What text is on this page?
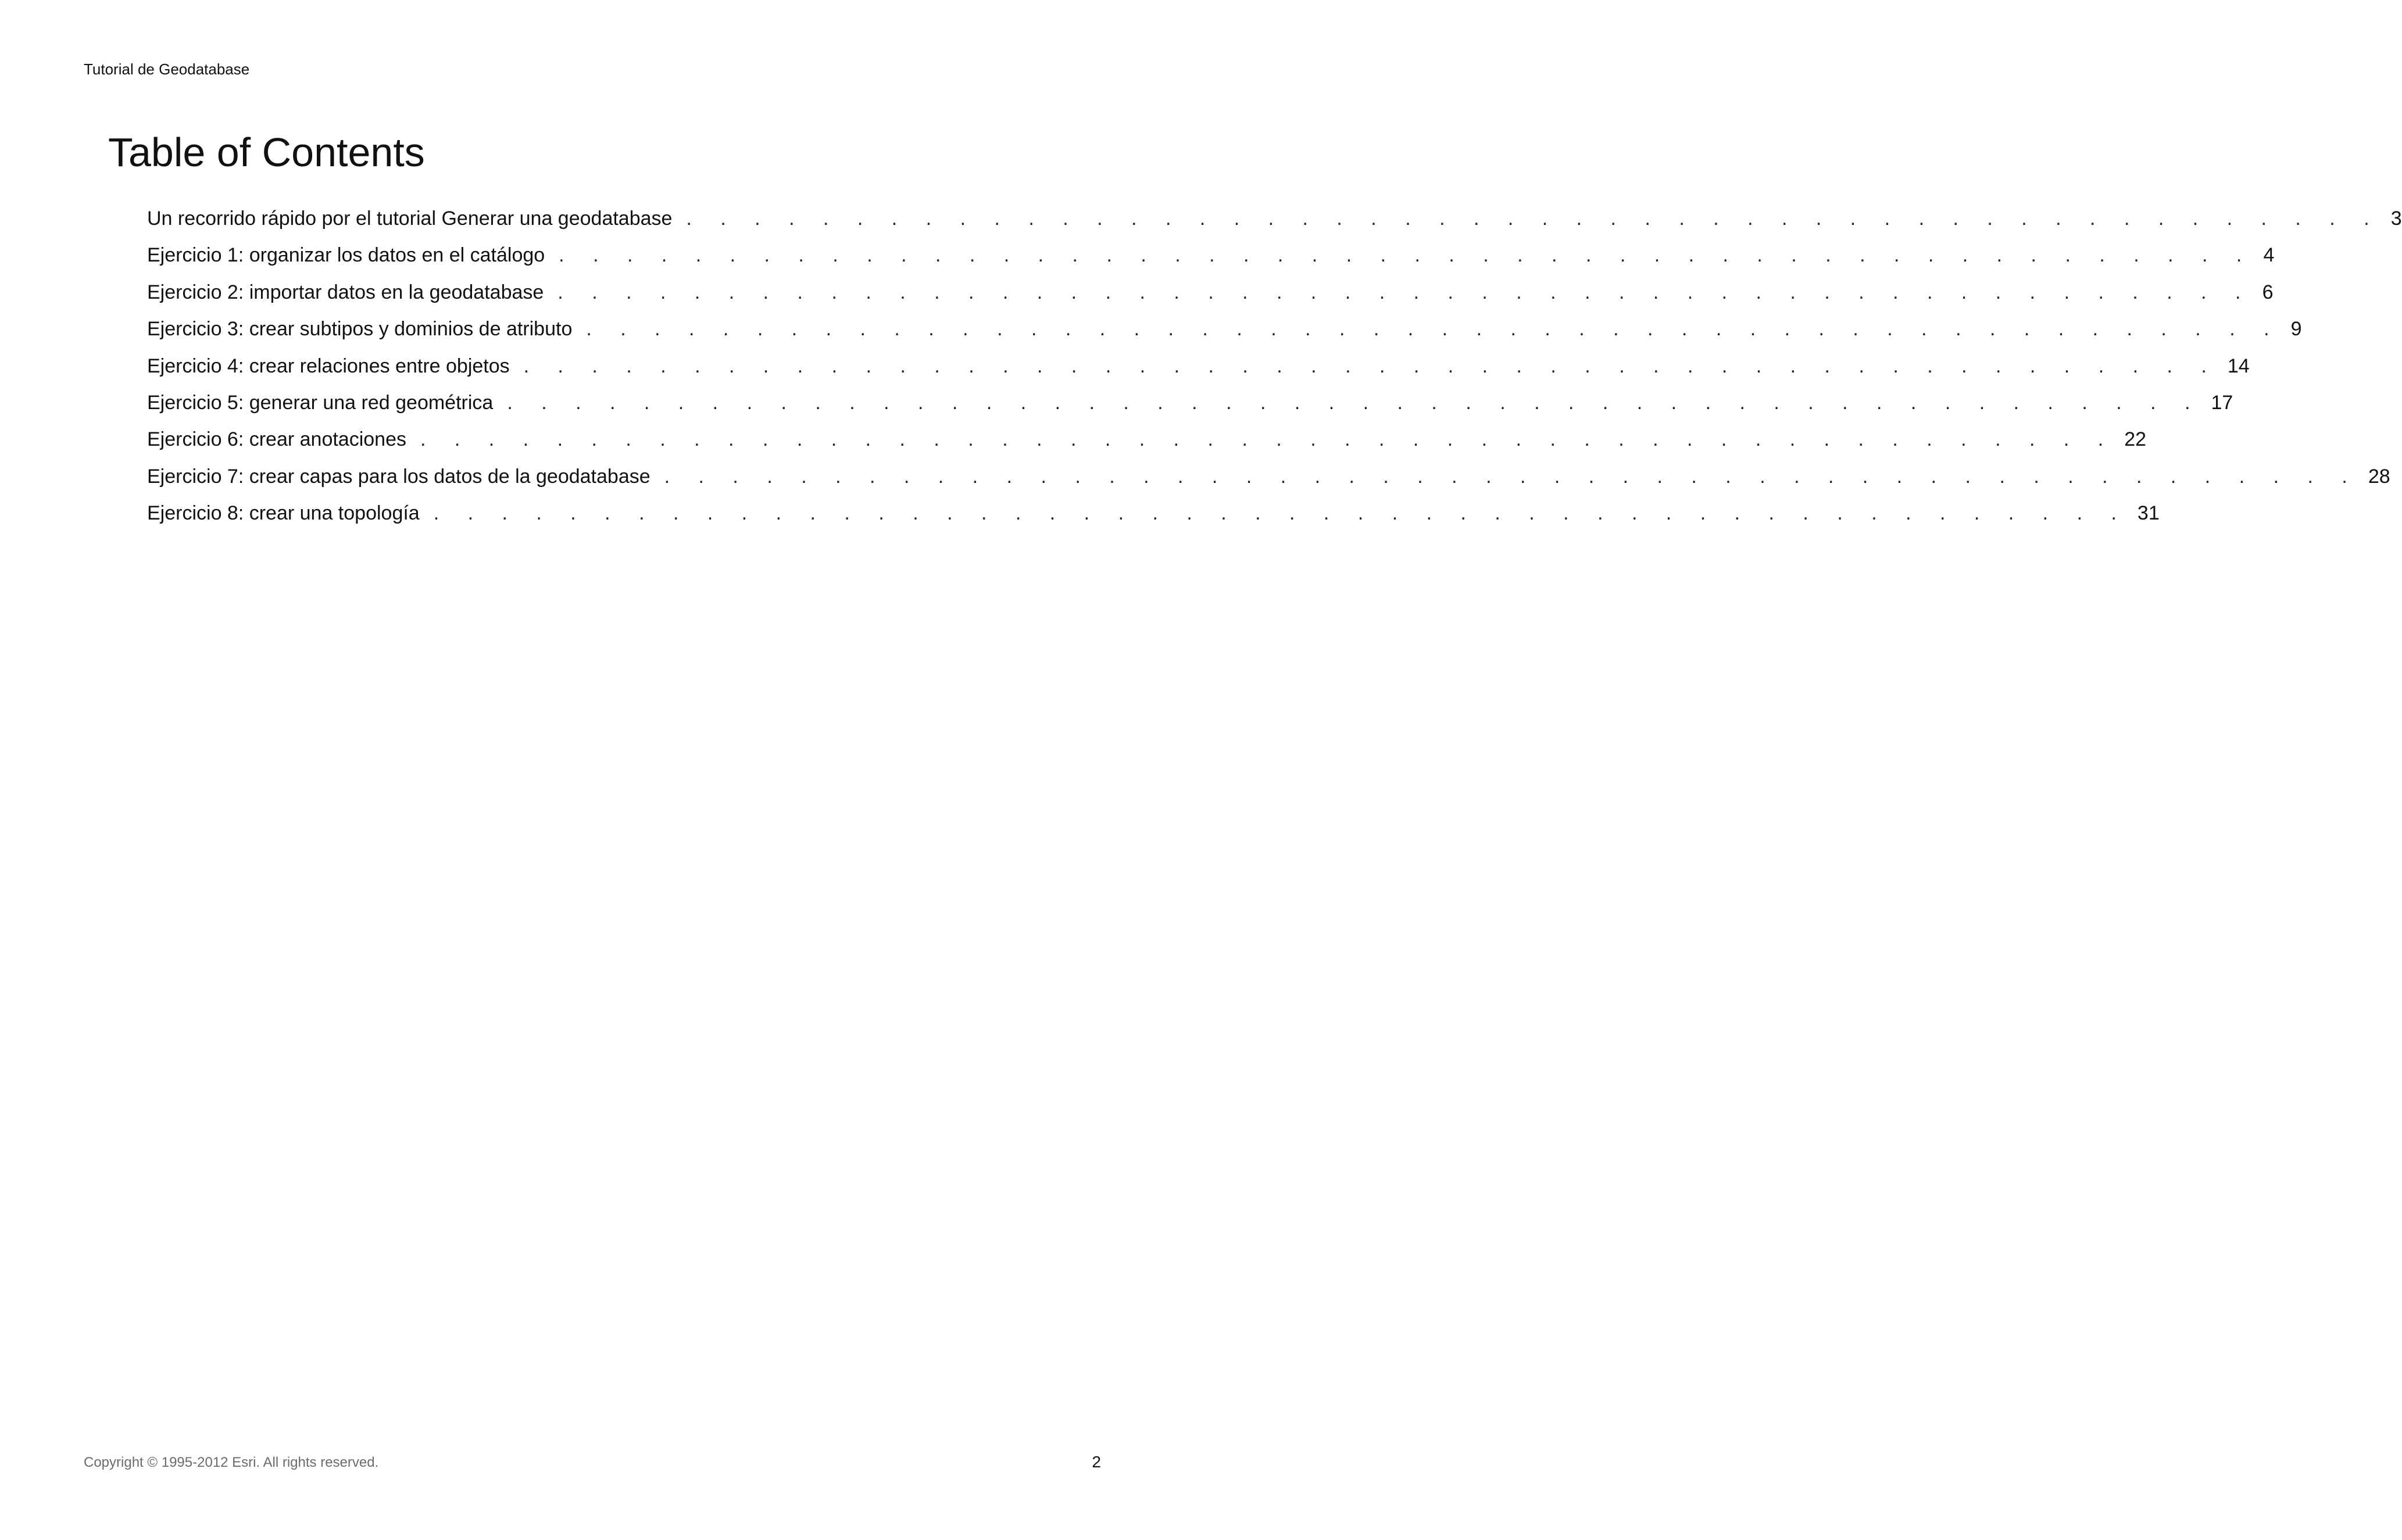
Tutorial de Geodatabase
Table of Contents
Un recorrido rápido por el tutorial Generar una geodatabase . . . . . . . . . . . . . . . . . . . . . . . . . . . . . . . . . . . . . . . . . . . . . . . . . . 3
Ejercicio 1: organizar los datos en el catálogo . . . . . . . . . . . . . . . . . . . . . . . . . . . . . . . . . . . . . . . . . . . . . . . . . . 4
Ejercicio 2: importar datos en la geodatabase . . . . . . . . . . . . . . . . . . . . . . . . . . . . . . . . . . . . . . . . . . . . . . . . . . 6
Ejercicio 3: crear subtipos y dominios de atributo . . . . . . . . . . . . . . . . . . . . . . . . . . . . . . . . . . . . . . . . . . . . . . . . . . 9
Ejercicio 4: crear relaciones entre objetos . . . . . . . . . . . . . . . . . . . . . . . . . . . . . . . . . . . . . . . . . . . . . . . . . . 14
Ejercicio 5: generar una red geométrica . . . . . . . . . . . . . . . . . . . . . . . . . . . . . . . . . . . . . . . . . . . . . . . . . . 17
Ejercicio 6: crear anotaciones . . . . . . . . . . . . . . . . . . . . . . . . . . . . . . . . . . . . . . . . . . . . . . . . . . 22
Ejercicio 7: crear capas para los datos de la geodatabase . . . . . . . . . . . . . . . . . . . . . . . . . . . . . . . . . . . . . . . . . . . . . . . . . . 28
Ejercicio 8: crear una topología . . . . . . . . . . . . . . . . . . . . . . . . . . . . . . . . . . . . . . . . . . . . . . . . . . 31
Copyright © 1995-2012 Esri. All rights reserved.	2
